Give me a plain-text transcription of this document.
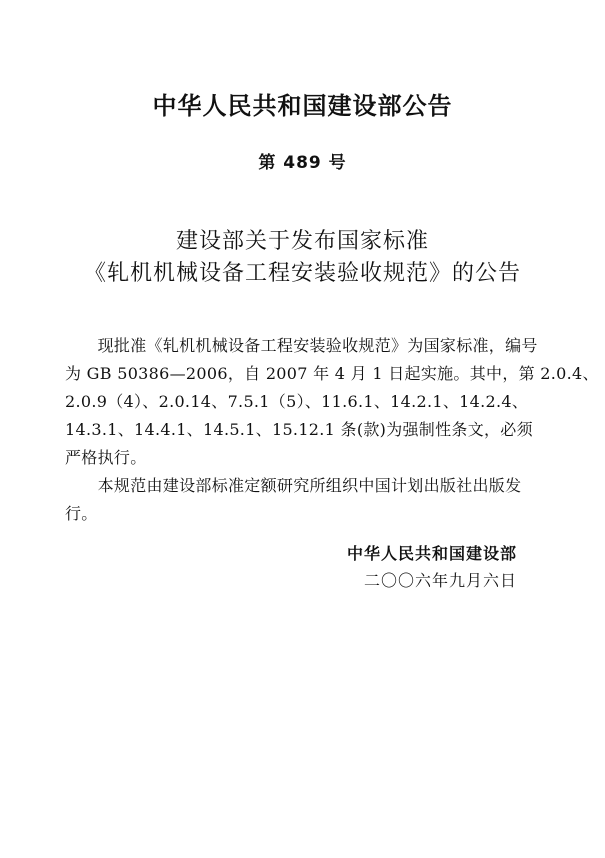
中华人民共和国建设部公告
第 489 号
建设部关于发布国家标准
《轧机机械设备工程安装验收规范》的公告
　　现批准《轧机机械设备工程安装验收规范》为国家标准，编号
为 GB 50386—2006，自 2007 年 4 月 1 日起实施。其中，第 2.0.4、
2.0.9（4）、2.0.14、7.5.1（5）、11.6.1、14.2.1、14.2.4、
14.3.1、14.4.1、14.5.1、15.12.1 条(款)为强制性条文，必须
严格执行。
　　本规范由建设部标准定额研究所组织中国计划出版社出版发
行。
中华人民共和国建设部
二〇〇六年九月六日
